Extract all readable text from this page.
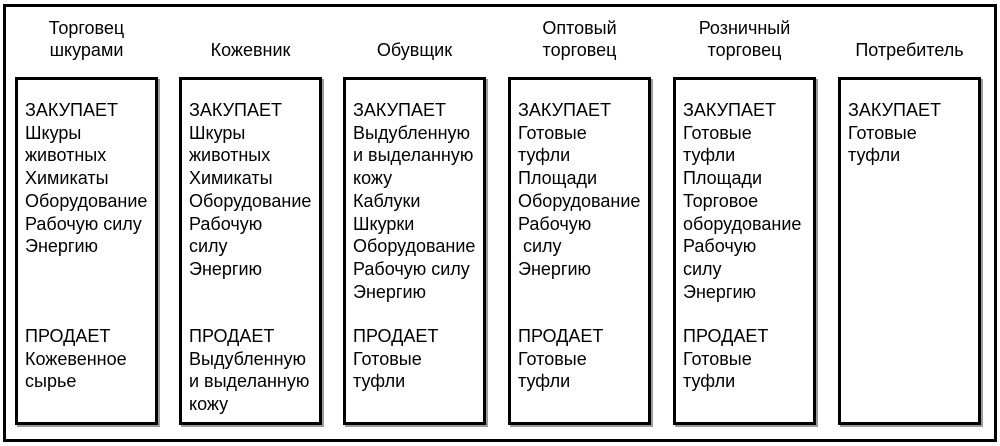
Торговец
шкурами
ЗАКУПАЕТ
Шкуры
животных
Химикаты
Оборудование
Рабочую силу
Энергию
ПРОДАЕТ
Кожевенное
сырье
Кожевник
ЗАКУПАЕТ
Шкуры
животных
Химикаты
Оборудование
Рабочую
силу
Энергию
ПРОДАЕТ
Выдубленную
и выделанную
кожу
Обувщик
ЗАКУПАЕТ
Выдубленную
и выделанную
кожу
Каблуки
Шкурки
Оборудование
Рабочую силу
Энергию
ПРОДАЕТ
Готовые
туфли
Оптовый
торговец
ЗАКУПАЕТ
Готовые
туфли
Площади
Оборудование
Рабочую
силу
Энергию
ПРОДАЕТ
Готовые
туфли
Розничный
торговец
ЗАКУПАЕТ
Готовые
туфли
Площади
Торговое
оборудование
Рабочую
силу
Энергию
ПРОДАЕТ
Готовые
туфли
Потребитель
ЗАКУПАЕТ
Готовые
туфли
